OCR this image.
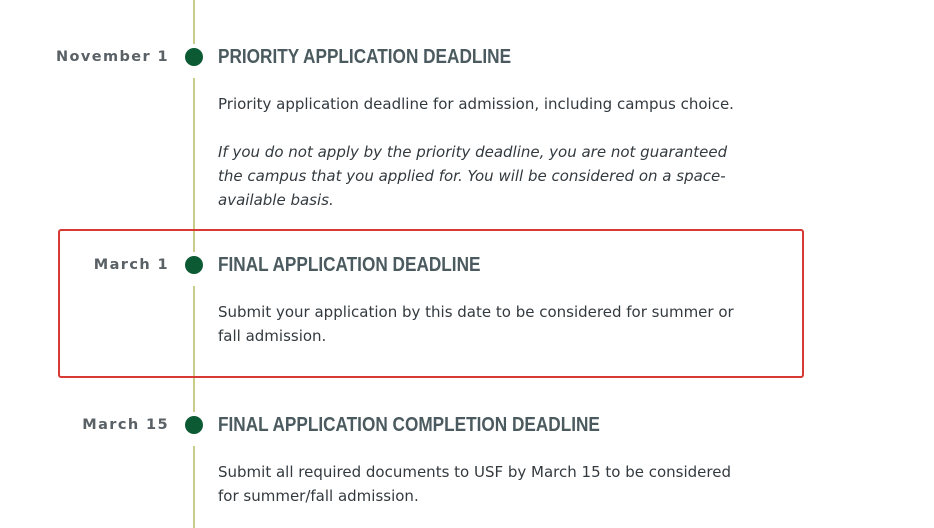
November 1 PRIORITY APPLICATION DEADLINE

Priority application deadline for admission, including campus choice.

If you do not apply by the priority deadline, you are not guaranteed the campus that you applied for. You will be considered on a space-available basis.

March 1 FINAL APPLICATION DEADLINE

Submit your application by this date to be considered for summer or fall admission.

March 15 FINAL APPLICATION COMPLETION DEADLINE

Submit all required documents to USF by March 15 to be considered for summer/fall admission.
